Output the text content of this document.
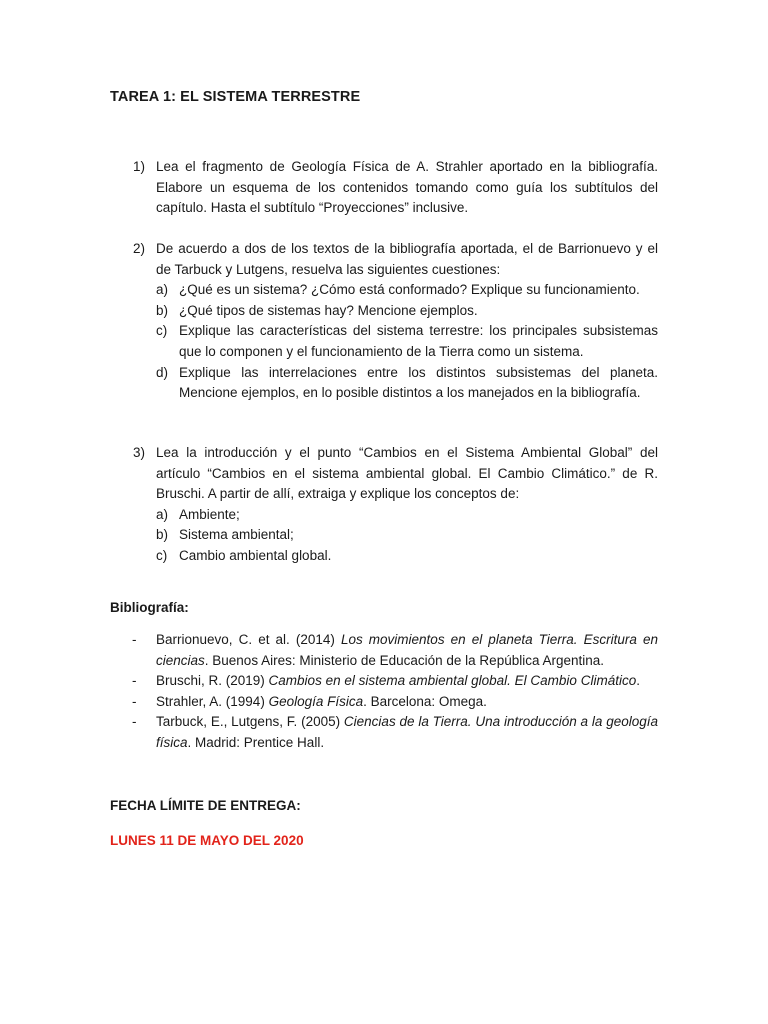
TAREA 1: EL SISTEMA TERRESTRE
1) Lea el fragmento de Geología Física de A. Strahler aportado en la bibliografía. Elabore un esquema de los contenidos tomando como guía los subtítulos del capítulo. Hasta el subtítulo “Proyecciones” inclusive.

2) De acuerdo a dos de los textos de la bibliografía aportada, el de Barrionuevo y el de Tarbuck y Lutgens, resuelva las siguientes cuestiones:

a) ¿Qué es un sistema? ¿Cómo está conformado? Explique su funcionamiento.

b) ¿Qué tipos de sistemas hay? Mencione ejemplos.

c) Explique las características del sistema terrestre: los principales subsistemas que lo componen y el funcionamiento de la Tierra como un sistema.

d) Explique las interrelaciones entre los distintos subsistemas del planeta. Mencione ejemplos, en lo posible distintos a los manejados en la bibliografía.

3) Lea la introducción y el punto “Cambios en el Sistema Ambiental Global” del artículo “Cambios en el sistema ambiental global. El Cambio Climático.” de R. Bruschi. A partir de allí, extraiga y explique los conceptos de:

a) Ambiente;

b) Sistema ambiental;

c) Cambio ambiental global.

Bibliografía:
- Barrionuevo, C. et al. (2014) Los movimientos en el planeta Tierra. Escritura en ciencias. Buenos Aires: Ministerio de Educación de la República Argentina.
- Bruschi, R. (2019) Cambios en el sistema ambiental global. El Cambio Climático.
- Strahler, A. (1994) Geología Física. Barcelona: Omega.
- Tarbuck, E., Lutgens, F. (2005) Ciencias de la Tierra. Una introducción a la geología física. Madrid: Prentice Hall.
FECHA LÍMITE DE ENTREGA:
LUNES 11 DE MAYO DEL 2020
